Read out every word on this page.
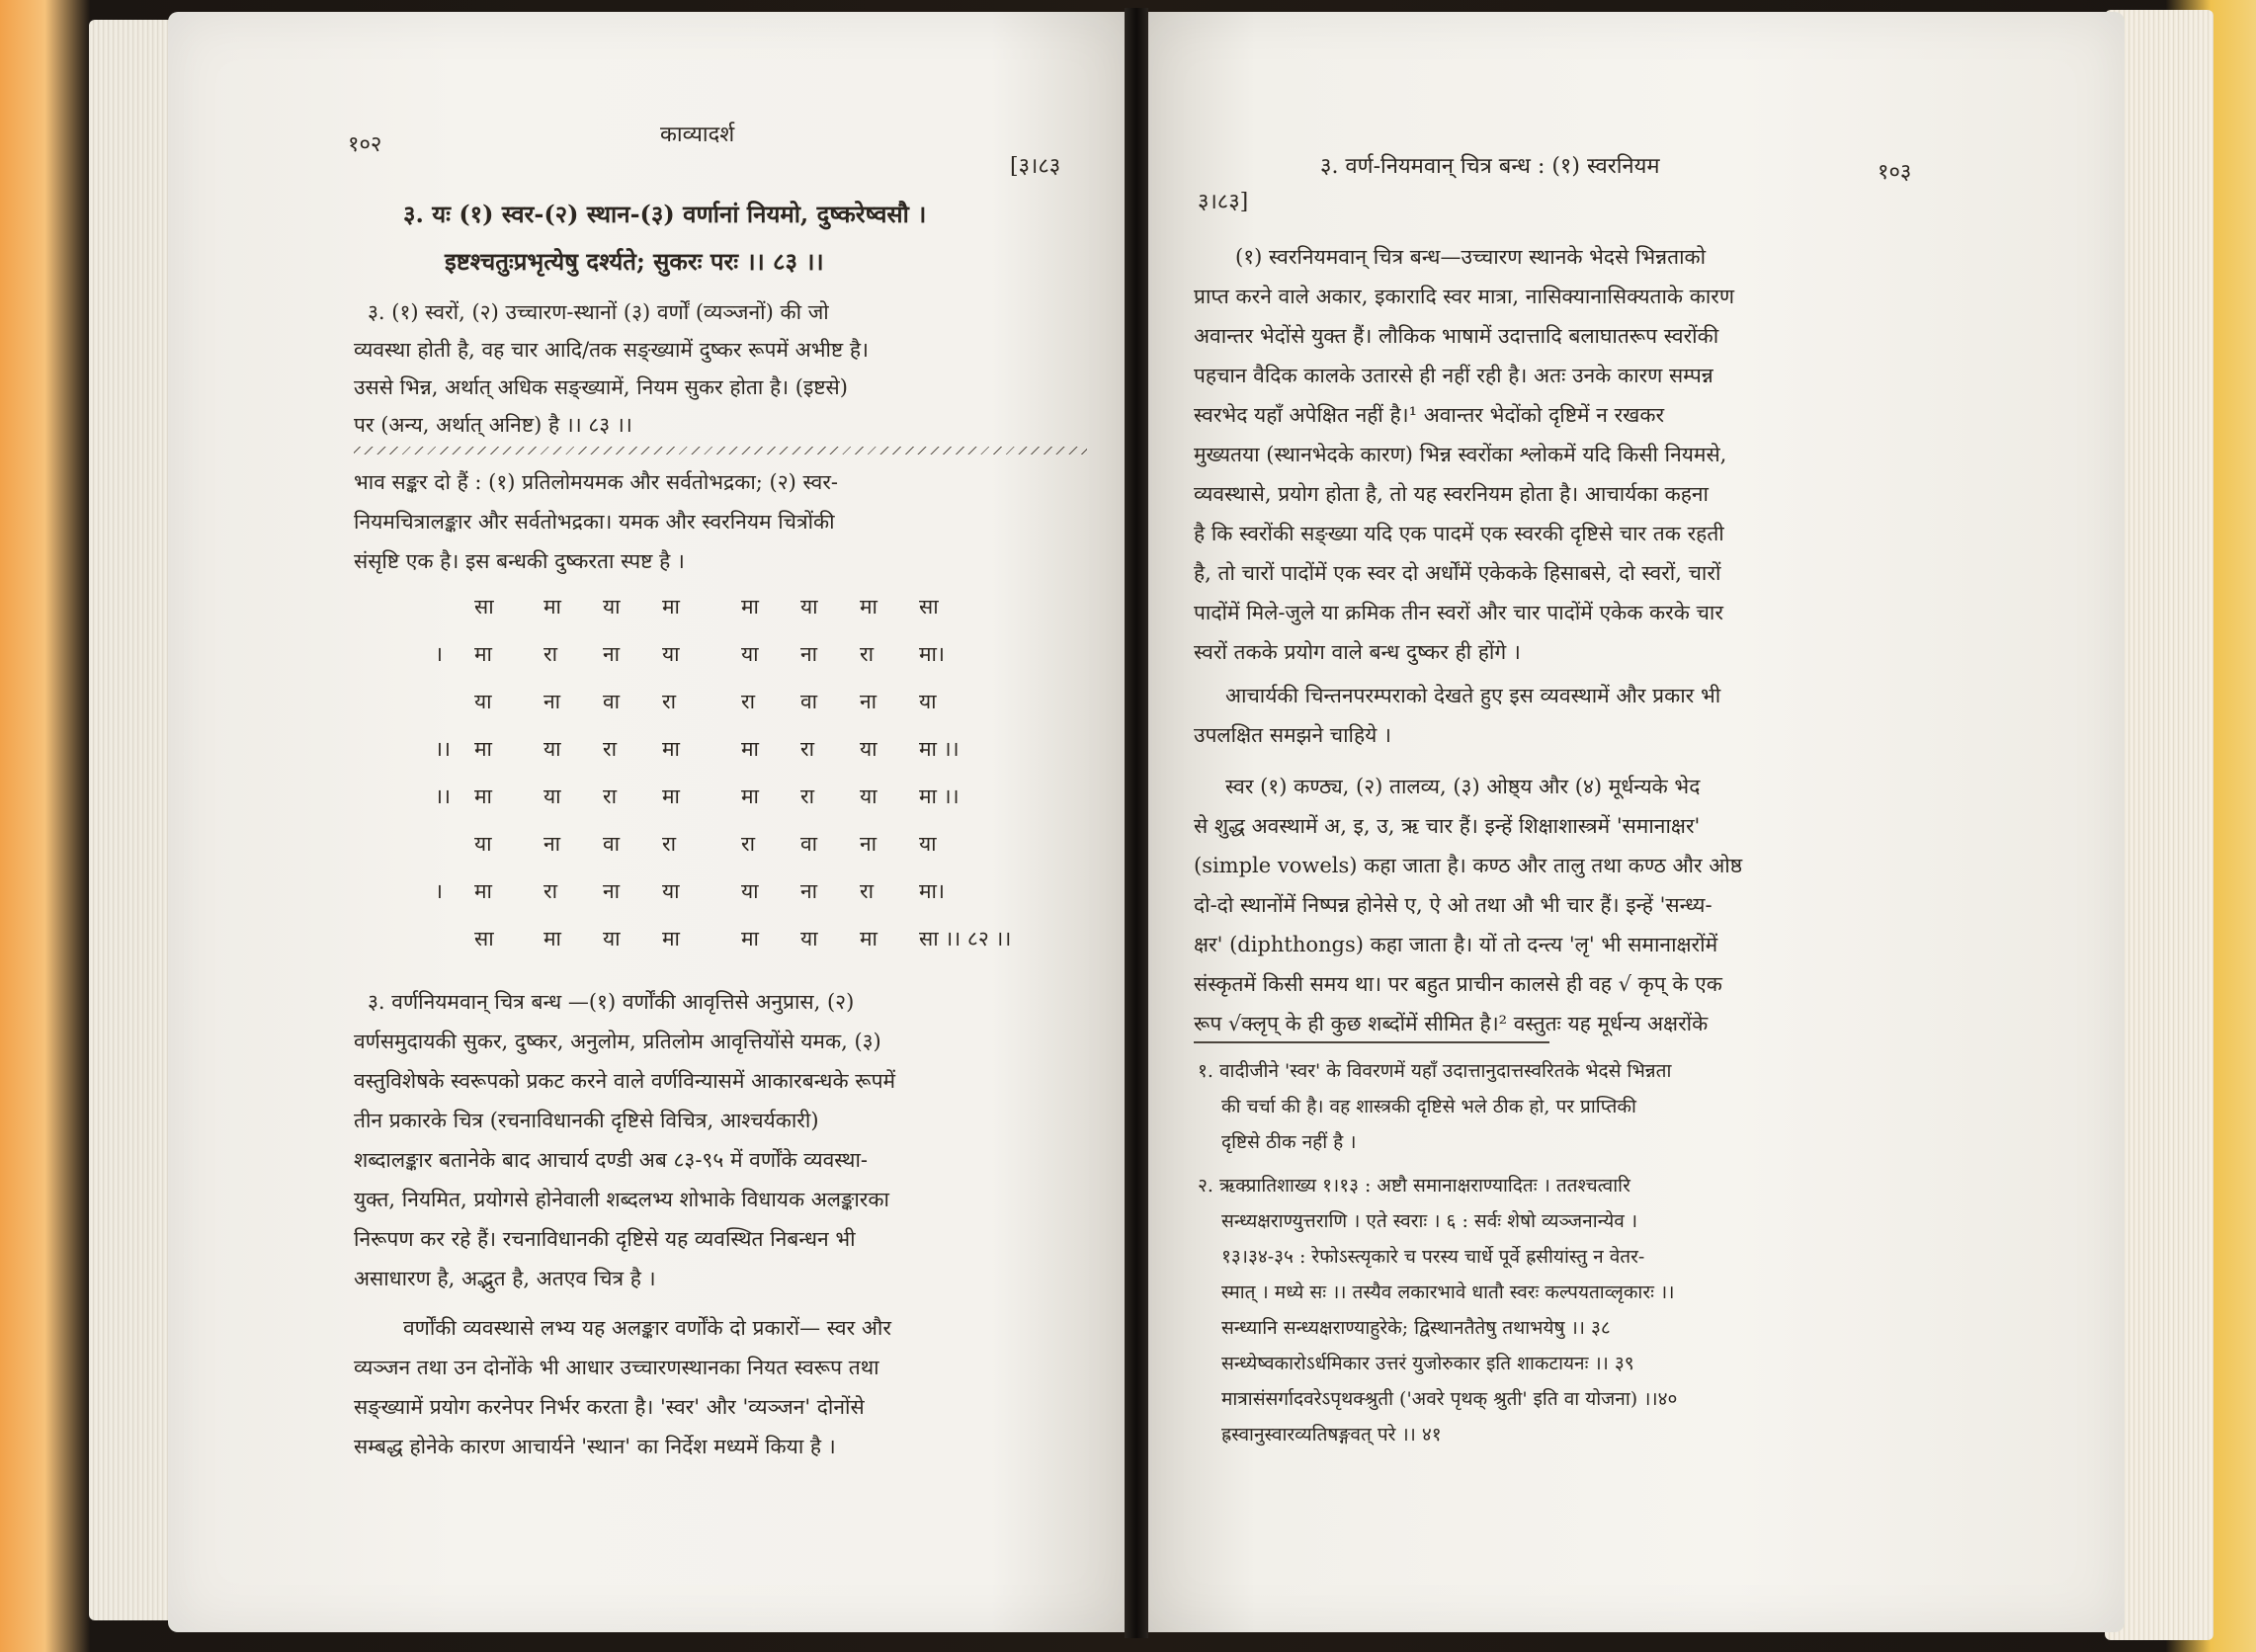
१०२	काव्यादर्श
[३।८३
३. यः (१) स्वर-(२) स्थान-(३) वर्णानां नियमो, दुष्करेष्वसौ ।
इष्टश्चतुःप्रभृत्येषु दर्श्यते; सुकरः परः ।। ८३ ।।
३. (१) स्वरों, (२) उच्चारण-स्थानों (३) वर्णों (व्यञ्जनों) की जो
व्यवस्था होती है, वह चार आदि/तक सङ्ख्यामें दुष्कर रूपमें अभीष्ट है।
उससे भिन्न, अर्थात् अधिक सङ्ख्यामें, नियम सुकर होता है। (इष्टसे)
पर (अन्य, अर्थात् अनिष्ट) है ।। ८३ ।।
भाव सङ्कर दो हैं : (१) प्रतिलोमयमक और सर्वतोभद्रका; (२) स्वर-
नियमचित्रालङ्कार और सर्वतोभद्रका। यमक और स्वरनियम चित्रोंकी
संसृष्टि एक है। इस बन्धकी दुष्करता स्पष्ट है ।
सा मा या मा	मा या मा सा
। मा रा ना या	या ना रा मा।
या ना वा रा	रा वा ना या
।। मा या रा मा	मा रा या मा ।।
।। मा या रा मा	मा रा या मा ।।
या ना वा रा	रा वा ना या
। मा रा ना या	या ना रा मा।
सा मा या मा	मा या मा सा ।। ८२ ।।
३. वर्णनियमवान् चित्र बन्ध —(१) वर्णोंकी आवृत्तिसे अनुप्रास, (२)
वर्णसमुदायकी सुकर, दुष्कर, अनुलोम, प्रतिलोम आवृत्तियोंसे यमक, (३)
वस्तुविशेषके स्वरूपको प्रकट करने वाले वर्णविन्यासमें आकारबन्धके रूपमें
तीन प्रकारके चित्र (रचनाविधानकी दृष्टिसे विचित्र, आश्चर्यकारी)
शब्दालङ्कार बतानेके बाद आचार्य दण्डी अब ८३-९५ में वर्णोंके व्यवस्था-
युक्त, नियमित, प्रयोगसे होनेवाली शब्दलभ्य शोभाके विधायक अलङ्कारका
निरूपण कर रहे हैं। रचनाविधानकी दृष्टिसे यह व्यवस्थित निबन्धन भी
असाधारण है, अद्भुत है, अतएव चित्र है ।
वर्णोंकी व्यवस्थासे लभ्य यह अलङ्कार वर्णोंके दो प्रकारों— स्वर और
व्यञ्जन तथा उन दोनोंके भी आधार उच्चारणस्थानका नियत स्वरूप तथा
सङ्ख्यामें प्रयोग करनेपर निर्भर करता है। 'स्वर' और 'व्यञ्जन' दोनोंसे
सम्बद्ध होनेके कारण आचार्यने 'स्थान' का निर्देश मध्यमें किया है ।
३।८३]
३. वर्ण-नियमवान् चित्र बन्ध : (१) स्वरनियम	१०३
(१) स्वरनियमवान् चित्र बन्ध—उच्चारण स्थानके भेदसे भिन्नताको
प्राप्त करने वाले अकार, इकारादि स्वर मात्रा, नासिक्यानासिक्यताके कारण
अवान्तर भेदोंसे युक्त हैं। लौकिक भाषामें उदात्तादि बलाघातरूप स्वरोंकी
पहचान वैदिक कालके उतारसे ही नहीं रही है। अतः उनके कारण सम्पन्न
स्वरभेद यहाँ अपेक्षित नहीं है।¹ अवान्तर भेदोंको दृष्टिमें न रखकर
मुख्यतया (स्थानभेदके कारण) भिन्न स्वरोंका श्लोकमें यदि किसी नियमसे,
व्यवस्थासे, प्रयोग होता है, तो यह स्वरनियम होता है। आचार्यका कहना
है कि स्वरोंकी सङ्ख्या यदि एक पादमें एक स्वरकी दृष्टिसे चार तक रहती
है, तो चारों पादोंमें एक स्वर दो अर्धोंमें एकेकके हिसाबसे, दो स्वरों, चारों
पादोंमें मिले-जुले या क्रमिक तीन स्वरों और चार पादोंमें एकेक करके चार
स्वरों तकके प्रयोग वाले बन्ध दुष्कर ही होंगे ।
आचार्यकी चिन्तनपरम्पराको देखते हुए इस व्यवस्थामें और प्रकार भी
उपलक्षित समझने चाहिये ।
स्वर (१) कण्ठ्य, (२) तालव्य, (३) ओष्ठ्य और (४) मूर्धन्यके भेद
से शुद्ध अवस्थामें अ, इ, उ, ऋ चार हैं। इन्हें शिक्षाशास्त्रमें 'समानाक्षर'
(simple vowels) कहा जाता है। कण्ठ और तालु तथा कण्ठ और ओष्ठ
दो-दो स्थानोंमें निष्पन्न होनेसे ए, ऐ ओ तथा औ भी चार हैं। इन्हें 'सन्ध्य-
क्षर' (diphthongs) कहा जाता है। यों तो दन्त्य 'लृ' भी समानाक्षरोंमें
संस्कृतमें किसी समय था। पर बहुत प्राचीन कालसे ही वह √ कृप् के एक
रूप √क्लृप् के ही कुछ शब्दोंमें सीमित है।² वस्तुतः यह मूर्धन्य अक्षरोंके
१. वादीजीने 'स्वर' के विवरणमें यहाँ उदात्तानुदात्तस्वरितके भेदसे भिन्नता
की चर्चा की है। वह शास्त्रकी दृष्टिसे भले ठीक हो, पर प्राप्तिकी
दृष्टिसे ठीक नहीं है ।
२. ऋक्प्रातिशाख्य १।१३ : अष्टौ समानाक्षराण्यादितः । ततश्चत्वारि
सन्ध्यक्षराण्युत्तराणि । एते स्वराः । ६ : सर्वः शेषो व्यञ्जनान्येव ।
१३।३४-३५ : रेफोऽस्त्यृकारे च परस्य चार्धे पूर्वे ह्रसीयांस्तु न वेतर-
स्मात् । मध्ये सः ।। तस्यैव लकारभावे धातौ स्वरः कल्पयताव्लृकारः ।।
सन्ध्यानि सन्ध्यक्षराण्याहुरेके; द्विस्थानतैतेषु तथाभयेषु ।। ३८
सन्ध्येष्वकारोऽर्धमिकार उत्तरं युजोरुकार इति शाकटायनः ।। ३९
मात्रासंसर्गादवरेऽपृथक्श्रुती ('अवरे पृथक् श्रुती' इति वा योजना) ।।४०
ह्रस्वानुस्वारव्यतिषङ्गवत् परे ।। ४१
